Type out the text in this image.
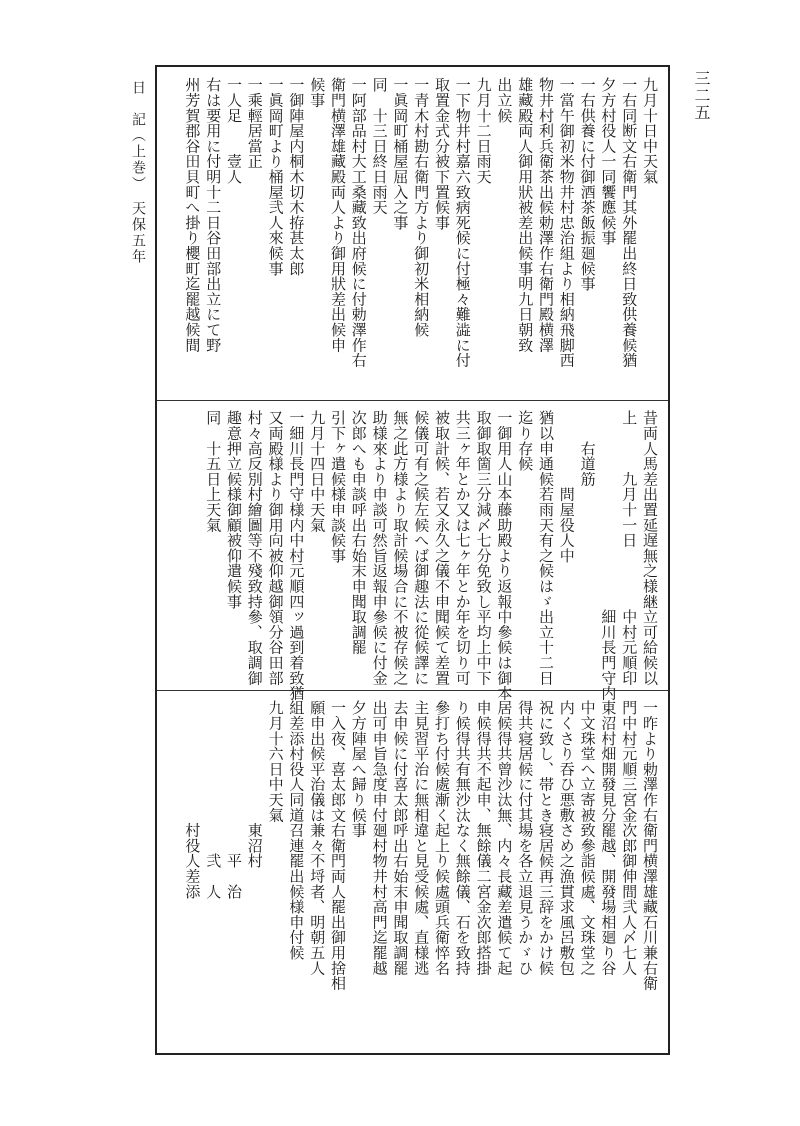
三二五
日　記（上巻）　天保五年	九月十日中天氣
一右同断文右衛門其外罷出終日致供養候猶
夕方村役人一同饗應候事
一右供養に付御酒茶飯振廻候事
一當午御初米物井村忠治組より相納飛脚西
物井村利兵衛茶出候勅澤作右衛門殿横澤
雄藏殿両人御用狀被差出候事明九日朝致
出立候
九月十二日雨天
一下物井村嘉六致病死候に付極々難澁に付
取置金式分被下置候事
一青木村勘右衛門方より御初米相納候
一眞岡町桶屋屈入之事
同　十三日終日雨天
一阿部品村大工桑藏致出府候に付勅澤作右
衛門横澤雄藏殿両人より御用狀差出候申
候事
一御陣屋内桐木切木拵甚太郎
一眞岡町より桶屋弐人來候事
一乘輕居當正
一人足　　壹人
右は要用に付明十二日谷田部出立にて野
州芳賀郡谷田貝町へ掛り櫻町迄罷越候間
昔両人馬差出置延遅無之様継立可給候以
上　　　九月十一日　　　　中村元順印
　　　　　　　　　　　　　細川長門守内
　　右道筋
　　　　　問屋役人中
猶以申通候若雨天有之候はゞ出立十二日
迄り存候
一御用人山本藤助殿より返報中參候は御本
取御取箇三分減〆七分免致し平均上中下
共三ヶ年とか又は七ヶ年とか年を切り可
被取計候、若又永久之儀不申聞候て差置
候儀可有之候左候へば御趣法に從候譯に
無之此方様より取計候場合に不被存候之
助様來より申談可然旨返報申參候に付金
次郎へも申談呼出右始末申聞取調罷
引下ヶ遣候様申談候事
九月十四日中天氣
一細川長門守様内中村元順四ッ過到着致猶
又両殿様より御用向被仰越御領分谷田部
村々高反別村繪圖等不殘致持參、取調御
趣意押立候様御顧被仰遣候事
同　十五日上天氣
一昨より勅澤作右衛門横澤雄藏石川兼右衛
門中村元順三宮金次郎御伸間弐人〆七人
東沼村畑開發見分罷越、開發場相廻り谷
中文珠堂へ立寄被致參詣候處、文珠堂之
内くさり吞ひ悪敷さめ之漁貫求風呂敷包
祝に致し、帯とき寝居候再三辞をかけ候
得共寝居候に付其場を各立退見うかゞひ
居候得共曾沙汰無、内々長藏差遣候て起
申候得共不起申、無餘儀二宮金次郎搭掛
り候得共有無沙汰なく無餘儀、石を致持
參打ち付候處漸く起上り候處頭兵衛悴名
主見習平治に無相違と見受候處、直様逃
去申候に付喜太郎呼出右始末申聞取調罷
出可申旨急度申付廻村物井村高門迄罷越
夕方陣屋へ歸り候事
一入夜、喜太郎文右衛門両人罷出御用捨相
願申出候平治儀は兼々不埒者、明朝五人
組差添村役人同道召連罷出候様申付候
九月十六日中天氣
　　　　　　　　東沼村
　　　　　　　　　　平　治
　　　　　　　　　　弐　人
　　　　　　　　村役人差添
